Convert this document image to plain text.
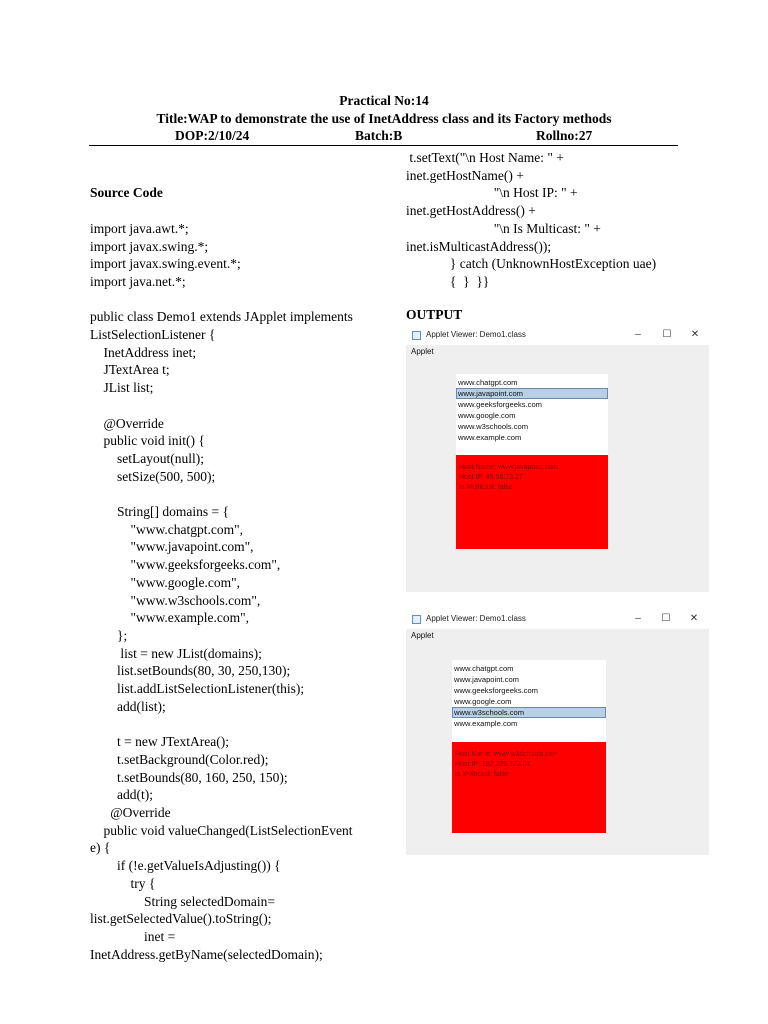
Practical No:14
Title:WAP to demonstrate the use of InetAddress class and its Factory methods
DOP:2/10/24	Batch:B	Rollno:27

Source Code

import java.awt.*;
import javax.swing.*;
import javax.swing.event.*;
import java.net.*;

public class Demo1 extends JApplet implements
ListSelectionListener {
InetAddress inet;
JTextArea t;
JList list;

@Override
public void init() {
setLayout(null);
setSize(500, 500);

String[] domains = {
"www.chatgpt.com",
"www.javapoint.com",
"www.geeksforgeeks.com",
"www.google.com",
"www.w3schools.com",
"www.example.com",
};
list = new JList(domains);
list.setBounds(80, 30, 250,130);
list.addListSelectionListener(this);
add(list);

t = new JTextArea();
t.setBackground(Color.red);
t.setBounds(80, 160, 250, 150);
add(t);
@Override
public void valueChanged(ListSelectionEvent
e) {
if (!e.getValueIsAdjusting()) {
try {
String selectedDomain=
list.getSelectedValue().toString();
inet =
InetAddress.getByName(selectedDomain);
t.setText("\n Host Name: " +
inet.getHostName() +
"\n Host IP: " +
inet.getHostAddress() +
"\n Is Multicast: " +
inet.isMulticastAddress());
} catch (UnknownHostException uae)
{  }  }}
OUTPUT
Applet Viewer: Demo1.class	–	☐	✕
Applet
www.chatgpt.com
www.javapoint.com
www.geeksforgeeks.com
www.google.com
www.w3schools.com
www.example.com
Host Name: www.javapoint.com
Host IP: 45.56.73.27
Is Multicast: false
Applet Viewer: Demo1.class	–	☐	✕
Applet
www.chatgpt.com
www.javapoint.com
www.geeksforgeeks.com
www.google.com
www.w3schools.com
www.example.com
Host Name: www.w3schools.com
Host IP: 192.229.173.07
Is Multicast: false
